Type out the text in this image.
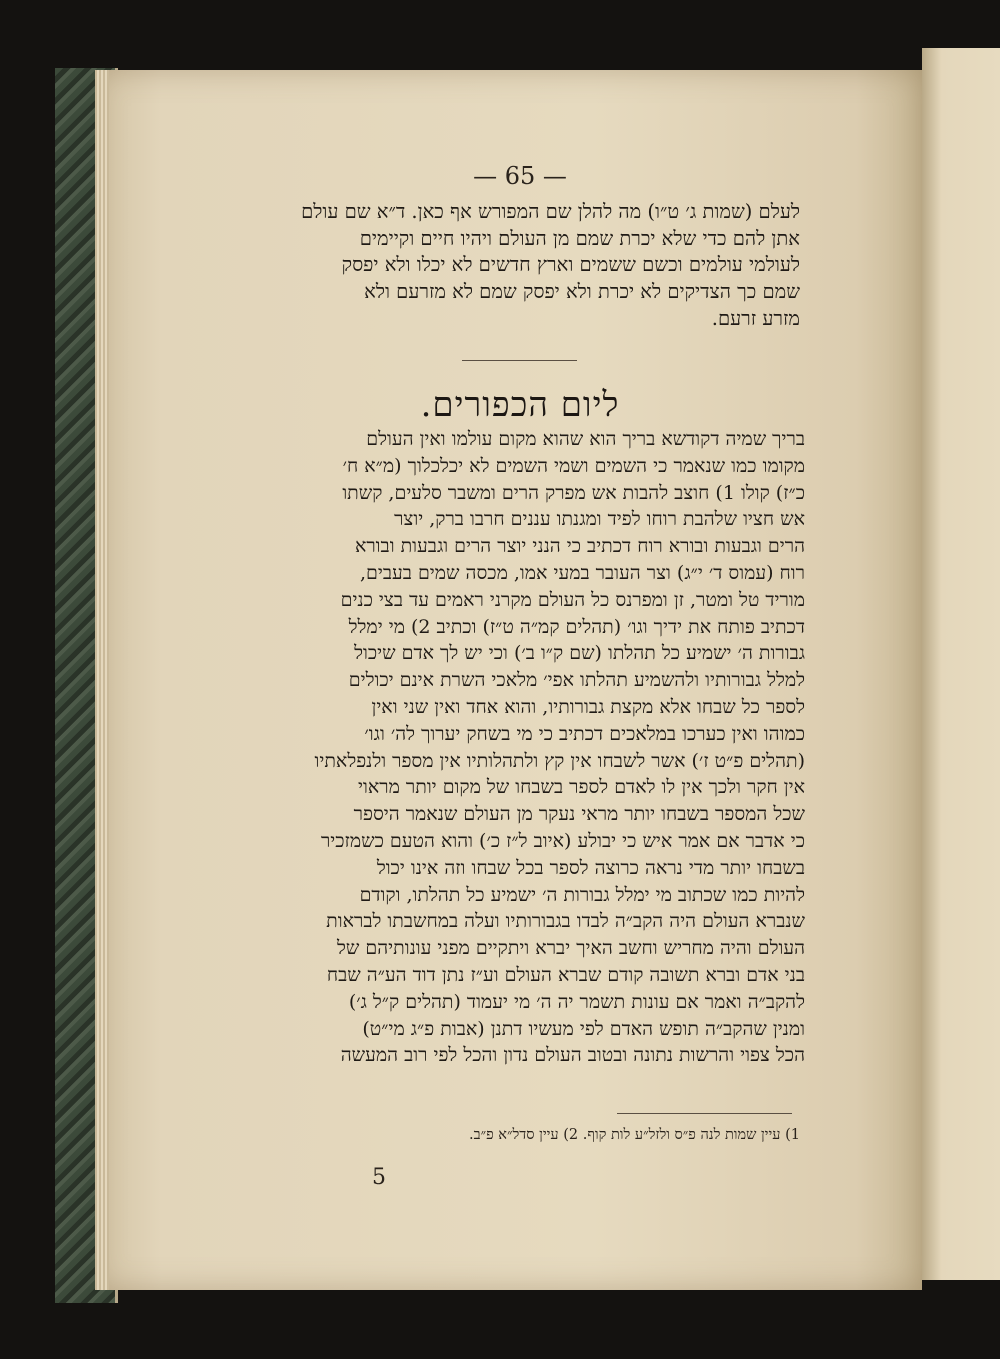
— 65 —
לעלם (שמות ג׳ ט״ו) מה להלן שם המפורש אף כאן. ד״א שם עולם
אתן להם כדי שלא יכרת שמם מן העולם ויהיו חיים וקיימים
לעולמי עולמים וכשם ששמים וארץ חדשים לא יכלו ולא יפסק
שמם כך הצדיקים לא יכרת ולא יפסק שמם לא מזרעם ולא
מזרע זרעם.
ליום הכפורים.
בריך שמיה דקודשא בריך הוא שהוא מקום עולמו ואין העולם
מקומו כמו שנאמר כי השמים ושמי השמים לא יכלכלוך (מ״א ח׳
כ״ז) קולו 1) חוצב להבות אש מפרק הרים ומשבר סלעים, קשתו
אש חציו שלהבת רוחו לפיד ומגנתו עננים חרבו ברק, יוצר
הרים וגבעות ובורא רוח דכתיב כי הנני יוצר הרים וגבעות ובורא
רוח (עמוס ד׳ י״ג) וצר העובר במעי אמו, מכסה שמים בעבים,
מוריד טל ומטר, זן ומפרנס כל העולם מקרני ראמים עד בצי כנים
דכתיב פותח את ידיך וגו׳ (תהלים קמ״ה ט״ז) וכתיב 2) מי ימלל
גבורות ה׳ ישמיע כל תהלתו (שם ק״ו ב׳) וכי יש לך אדם שיכול
למלל גבורותיו ולהשמיע תהלתו אפי׳ מלאכי השרת אינם יכולים
לספר כל שבחו אלא מקצת גבורותיו, והוא אחד ואין שני ואין
כמוהו ואין כערכו במלאכים דכתיב כי מי בשחק יערוך לה׳ וגו׳
(תהלים פ״ט ז׳) אשר לשבחו אין קץ ולתהלותיו אין מספר ולנפלאתיו
אין חקר ולכך אין לו לאדם לספר בשבחו של מקום יותר מראוי
שכל המספר בשבחו יותר מראי נעקר מן העולם שנאמר היספר
כי אדבר אם אמר איש כי יבולע (איוב ל״ז כ׳) והוא הטעם כשמזכיר
בשבחו יותר מדי נראה כרוצה לספר בכל שבחו וזה אינו יכול
להיות כמו שכתוב מי ימלל גבורות ה׳ ישמיע כל תהלתו, וקודם
שנברא העולם היה הקב״ה לבדו בגבורותיו ועלה במחשבתו לבראות
העולם והיה מחריש וחשב האיך יברא ויתקיים מפני עונותיהם של
בני אדם וברא תשובה קודם שברא העולם וע״ז נתן דוד הע״ה שבח
להקב״ה ואמר אם עונות תשמר יה ה׳ מי יעמוד (תהלים ק״ל ג׳)
ומנין שהקב״ה תופש האדם לפי מעשיו דתנן (אבות פ״ג מי״ט)
הכל צפוי והרשות נתונה ובטוב העולם נדון והכל לפי רוב המעשה
1) עיין שמות לנה פ״ס ולזל״ע לות קוף. 2) עיין סדל״א פ״ב.
5
